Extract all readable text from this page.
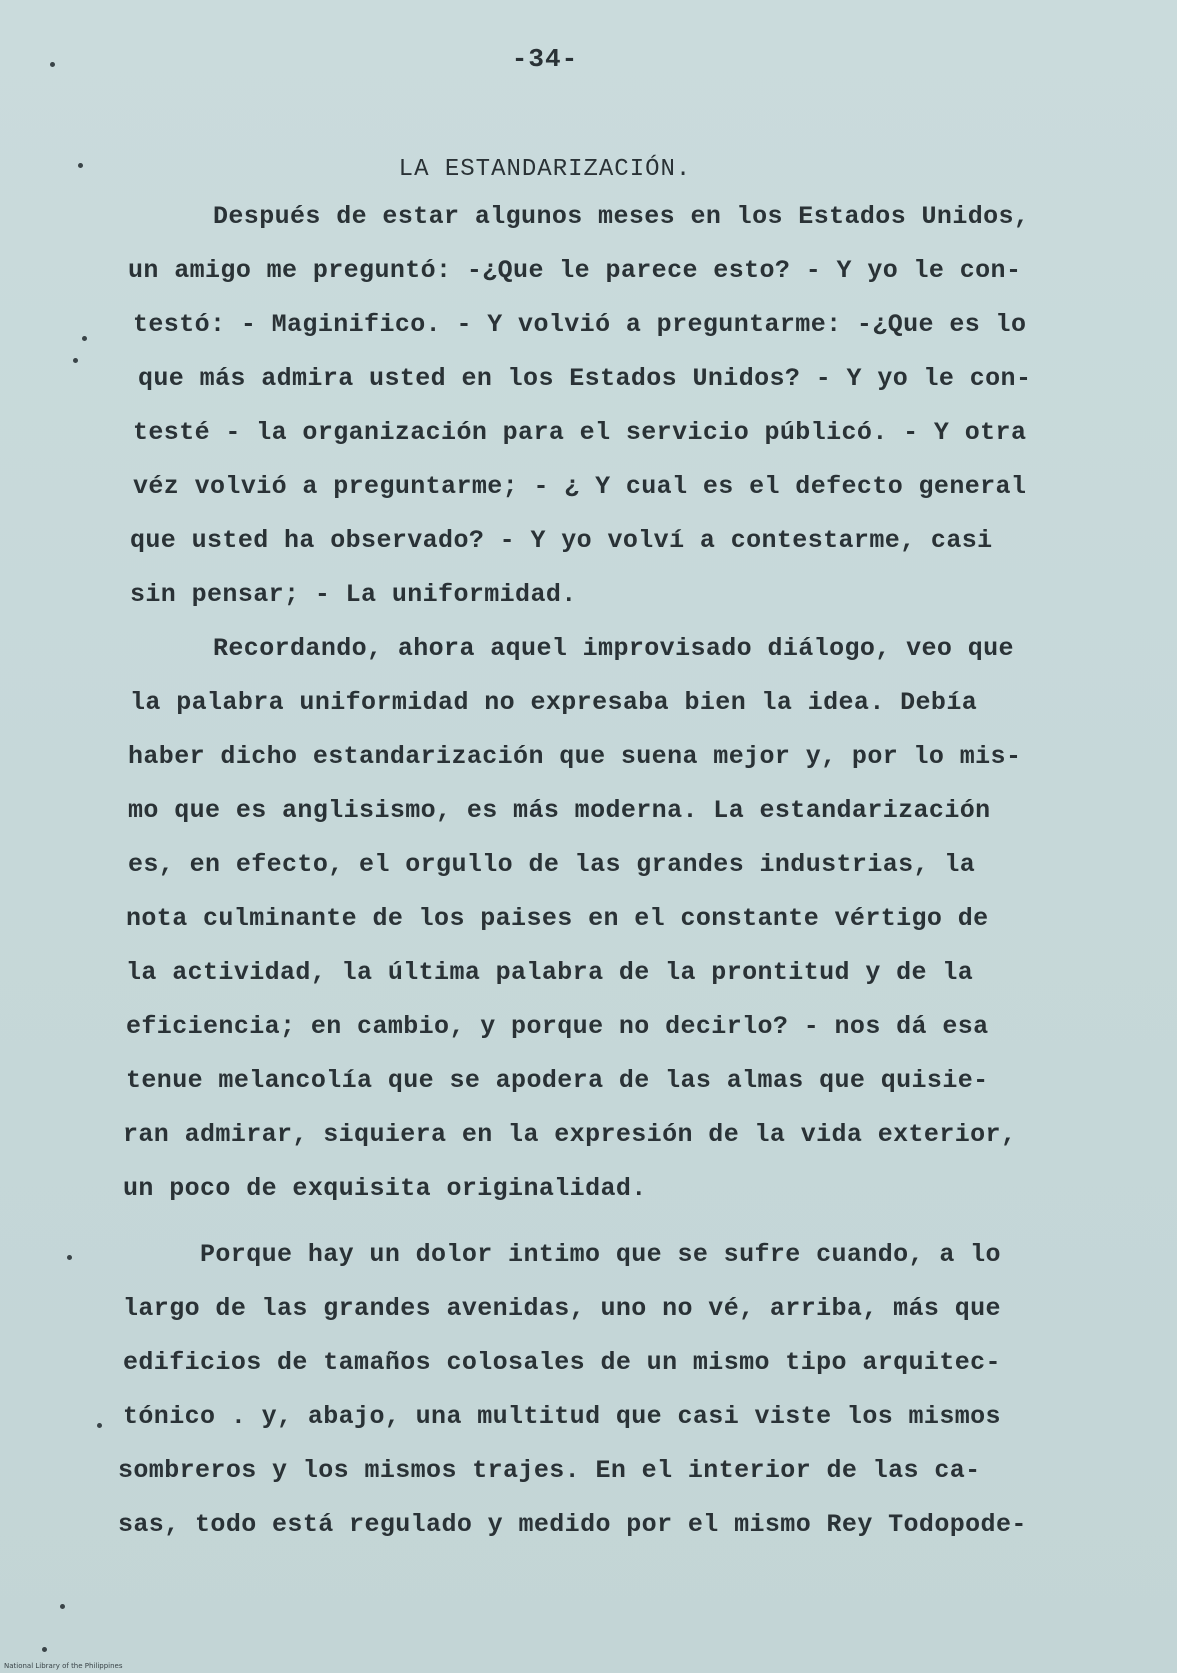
-34-
LA ESTANDARIZACIÓN.
Después de estar algunos meses en los Estados Unidos,
un amigo me preguntó: -¿Que le parece esto? - Y yo le con-
testó: - Maginifico. - Y volvió a preguntarme: -¿Que es lo
que más admira usted en los Estados Unidos? - Y yo le con-
testé - la organización para el servicio públicó. - Y otra
véz volvió a preguntarme; - ¿ Y cual es el defecto general
que usted ha observado? - Y yo volví a contestarme, casi
sin pensar; - La uniformidad.
Recordando, ahora aquel improvisado diálogo, veo que
la palabra uniformidad no expresaba bien la idea. Debía
haber dicho estandarización que suena mejor y, por lo mis-
mo que es anglisismo, es más moderna. La estandarización
es, en efecto, el orgullo de las grandes industrias, la
nota culminante de los paises en el constante vértigo de
la actividad, la última palabra de la prontitud y de la
eficiencia; en cambio, y porque no decirlo? - nos dá esa
tenue melancolía que se apodera de las almas que quisie-
ran admirar, siquiera en la expresión de la vida exterior,
un poco de exquisita originalidad.
Porque hay un dolor intimo que se sufre cuando, a lo
largo de las grandes avenidas, uno no vé, arriba, más que
edificios de tamaños colosales de un mismo tipo arquitec-
tónico . y, abajo, una multitud que casi viste los mismos
sombreros y los mismos trajes. En el interior de las ca-
sas, todo está regulado y medido por el mismo Rey Todopode-
National Library of the Philippines
